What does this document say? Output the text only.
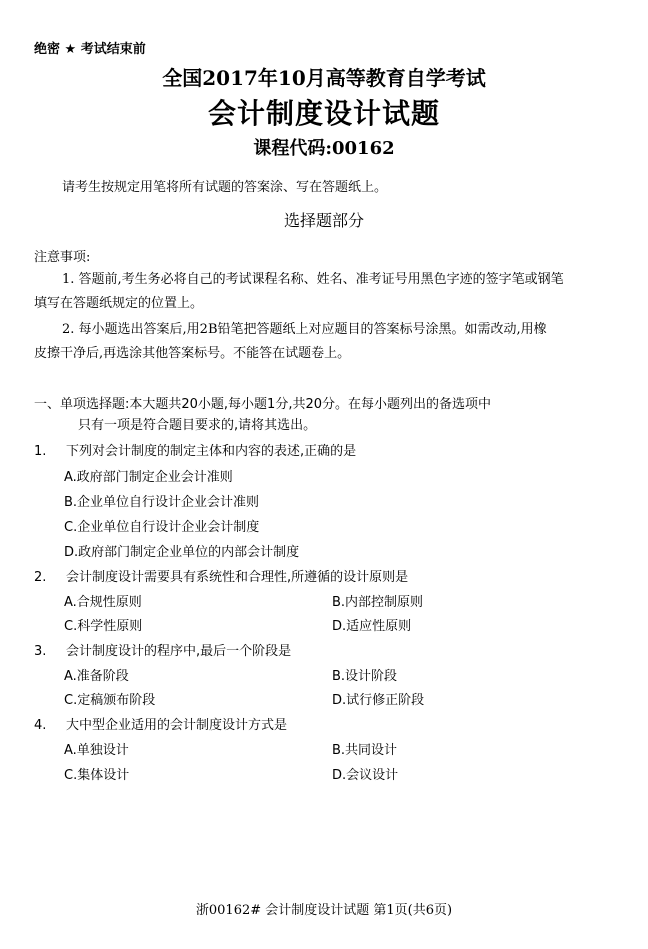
绝密 ★ 考试结束前
全国2017年10月高等教育自学考试
会计制度设计试题
课程代码:00162
请考生按规定用笔将所有试题的答案涂、写在答题纸上。
选择题部分
注意事项:
1. 答题前,考生务必将自己的考试课程名称、姓名、准考证号用黑色字迹的签字笔或钢笔
填写在答题纸规定的位置上。
2. 每小题选出答案后,用2B铅笔把答题纸上对应题目的答案标号涂黑。如需改动,用橡
皮擦干净后,再选涂其他答案标号。不能答在试题卷上。
一、单项选择题:本大题共20小题,每小题1分,共20分。在每小题列出的备选项中
只有一项是符合题目要求的,请将其选出。
1. 下列对会计制度的制定主体和内容的表述,正确的是
A.政府部门制定企业会计准则
B.企业单位自行设计企业会计准则
C.企业单位自行设计企业会计制度
D.政府部门制定企业单位的内部会计制度
2. 会计制度设计需要具有系统性和合理性,所遵循的设计原则是
A.合规性原则	B.内部控制原则
C.科学性原则	D.适应性原则
3. 会计制度设计的程序中,最后一个阶段是
A.准备阶段	B.设计阶段
C.定稿颁布阶段	D.试行修正阶段
4. 大中型企业适用的会计制度设计方式是
A.单独设计	B.共同设计
C.集体设计	D.会议设计
浙00162# 会计制度设计试题 第1页(共6页)
